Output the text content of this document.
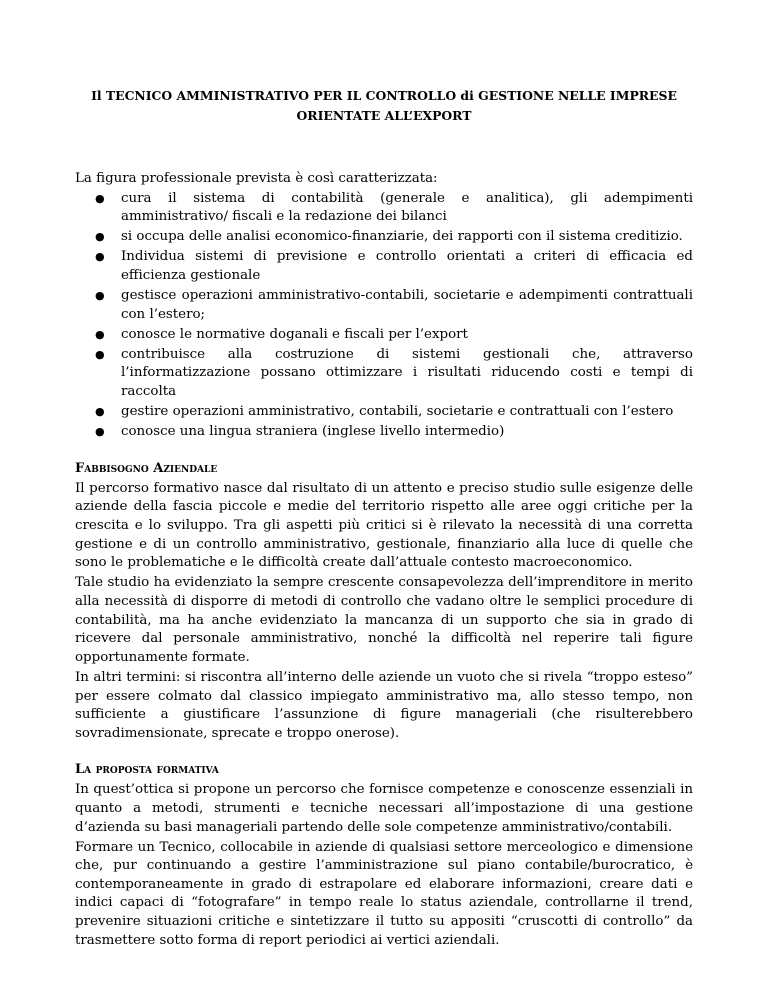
Il TECNICO AMMINISTRATIVO PER IL CONTROLLO di GESTIONE NELLE IMPRESE
ORIENTATE ALL’EXPORT

La figura professionale prevista è così caratterizzata:

● cura il sistema di contabilità (generale e analitica), gli adempimenti amministrativo/ fiscali e la redazione dei bilanci
● si occupa delle analisi economico-finanziarie, dei rapporti con il sistema creditizio.
● Individua sistemi di previsione e controllo orientati a criteri di efficacia ed efficienza gestionale
● gestisce operazioni amministrativo-contabili, societarie e adempimenti contrattuali con l’estero;
● conosce le normative doganali e fiscali per l’export
● contribuisce alla costruzione di sistemi gestionali che, attraverso l’informatizzazione possano ottimizzare i risultati riducendo costi e tempi di raccolta
● gestire operazioni amministrativo, contabili, societarie e contrattuali con l’estero
● conosce una lingua straniera (inglese livello intermedio)
Fabbisogno Aziendale

Il percorso formativo nasce dal risultato di un attento e preciso studio sulle esigenze delle aziende della fascia piccole e medie del territorio rispetto alle aree oggi critiche per la crescita e lo sviluppo. Tra gli aspetti più critici si è rilevato la necessità di una corretta gestione e di un controllo amministrativo, gestionale, finanziario alla luce di quelle che sono le problematiche e le difficoltà create dall’attuale contesto macroeconomico.

Tale studio ha evidenziato la sempre crescente consapevolezza dell’imprenditore in merito alla necessità di disporre di metodi di controllo che vadano oltre le semplici procedure di contabilità, ma ha anche evidenziato la mancanza di un supporto che sia in grado di ricevere dal personale amministrativo, nonché la difficoltà nel reperire tali figure opportunamente formate.

In altri termini: si riscontra all’interno delle aziende un vuoto che si rivela “troppo esteso” per essere colmato dal classico impiegato amministrativo ma, allo stesso tempo, non sufficiente a giustificare l’assunzione di figure manageriali (che risulterebbero sovradimensionate, sprecate e troppo onerose).

La proposta formativa

In quest’ottica si propone un percorso che fornisce competenze e conoscenze essenziali in quanto a metodi, strumenti e tecniche necessari all’impostazione di una gestione d’azienda su basi manageriali partendo delle sole competenze amministrativo/contabili.

Formare un Tecnico, collocabile in aziende di qualsiasi settore merceologico e dimensione che, pur continuando a gestire l’amministrazione sul piano contabile/burocratico, è contemporaneamente in grado di estrapolare ed elaborare informazioni, creare dati e indici capaci di “fotografare” in tempo reale lo status aziendale, controllarne il trend, prevenire situazioni critiche e sintetizzare il tutto su appositi “cruscotti di controllo” da trasmettere sotto forma di report periodici ai vertici aziendali.
